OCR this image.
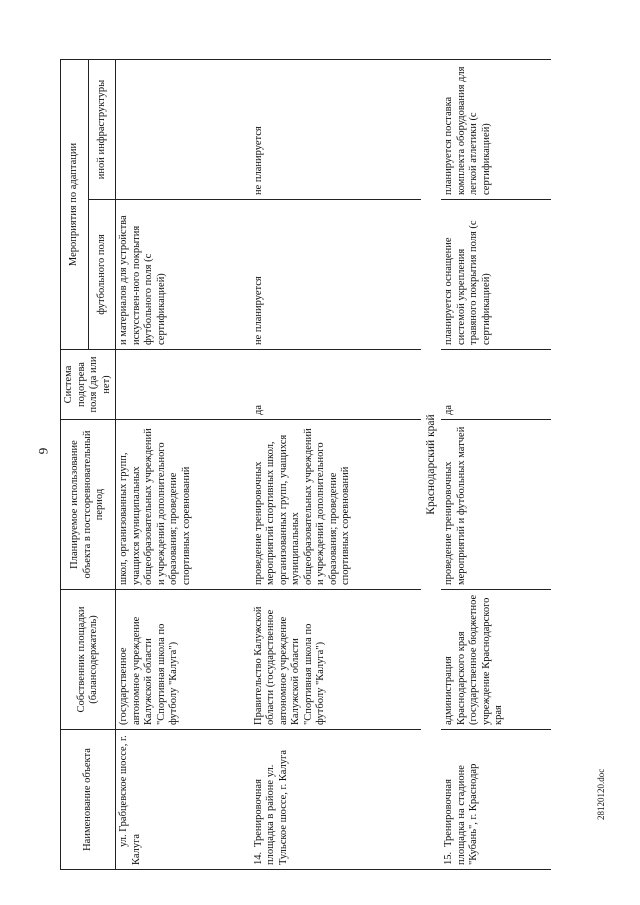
9
28120120.doc
Наименование объекта	Собственник площадки (балансодержатель)	Планируемое использование объекта в постсоревновательный период	Система подогрева поля (да или нет)	Мероприятия по адаптации	
				футбольного поля	иной инфраструктуры
ул. Грабцевское шоссе, г. Калуга	(государственное автономное учреждение Калужской области "Спортивная школа по футболу "Калуга")	школ, организованных групп, учащихся муниципальных общеобразовательных учреждений и учреждений дополнительного образования; проведение спортивных соревнований		и материалов для устройства искусствен-ного покрытия футбольного поля (с сертификацией)	
14.Тренировочная площадка в районе ул. Тульское шоссе, г. Калуга	Правительство Калужской области (государственное автономное учреждение Калужской области "Спортивная школа по футболу "Калуга")	проведение тренировочных мероприятий спортивных школ, организованных групп, учащихся муниципальных общеобразовательных учреждений и учреждений дополнительного образования; проведение спортивных соревнований	да	не планируется	не планируется
Краснодарский край					
15.Тренировочная площадка на стадионе "Кубань", г. Краснодар	администрация Краснодарского края (государственное бюджетное учреждение Краснодарского края	проведение тренировочных мероприятий и футбольных матчей	да	планируется оснащение системой укрепления травяного покрытия поля (с сертификацией)	планируется поставка комплекта оборудования для легкой атлетики (с сертификацией)
